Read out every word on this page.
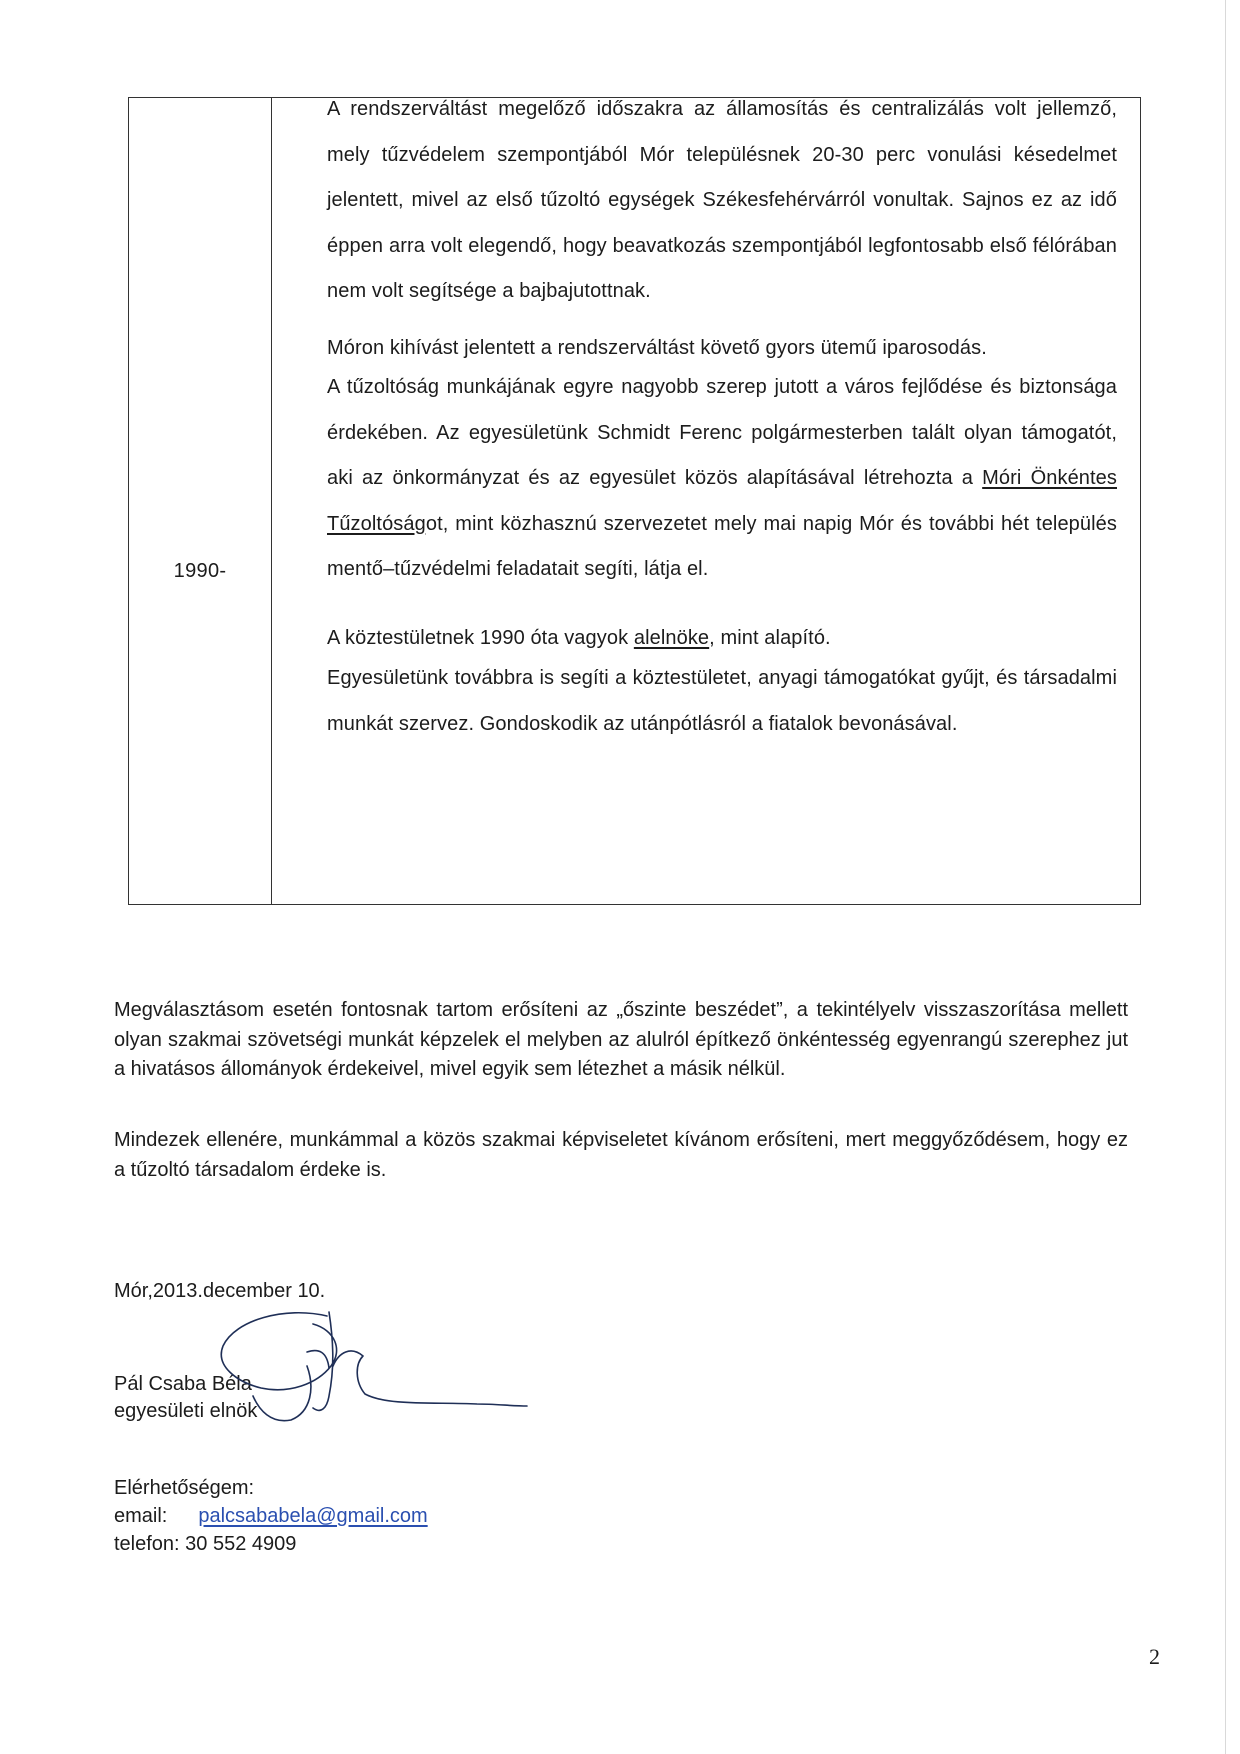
1990-

A rendszerváltást megelőző időszakra az államosítás és centralizálás volt jellemző, mely tűzvédelem szempontjából Mór településnek 20-30 perc vonulási késedelmet jelentett, mivel az első tűzoltó egységek Székesfehérvárról vonultak. Sajnos ez az idő éppen arra volt elegendő, hogy beavatkozás szempontjából legfontosabb első félórában nem volt segítsége a bajbajutottnak.

Móron kihívást jelentett a rendszerváltást követő gyors ütemű iparosodás.

A tűzoltóság munkájának egyre nagyobb szerep jutott a város fejlődése és biztonsága érdekében. Az egyesületünk Schmidt Ferenc polgármesterben talált olyan támogatót, aki az önkormányzat és az egyesület közös alapításával létrehozta a Móri Önkéntes Tűzoltóságot, mint közhasznú szervezetet mely mai napig Mór és további hét település mentő–tűzvédelmi feladatait segíti, látja el.

A köztestületnek 1990 óta vagyok alelnöke, mint alapító.

Egyesületünk továbbra is segíti a köztestületet, anyagi támogatókat gyűjt, és társadalmi munkát szervez. Gondoskodik az utánpótlásról a fiatalok bevonásával.

Megválasztásom esetén fontosnak tartom erősíteni az „őszinte beszédet”, a tekintélyelv visszaszorítása mellett olyan szakmai szövetségi munkát képzelek el melyben az alulról építkező önkéntesség egyenrangú szerephez jut a hivatásos állományok érdekeivel, mivel egyik sem létezhet a másik nélkül.

Mindezek ellenére, munkámmal a közös szakmai képviseletet kívánom erősíteni, mert meggyőződésem, hogy ez a tűzoltó társadalom érdeke is.

Mór,2013.december 10.

Pál Csaba Béla

egyesületi elnök

Elérhetőségem:

email: palcsababela@gmail.com

telefon: 30 552 4909

2
